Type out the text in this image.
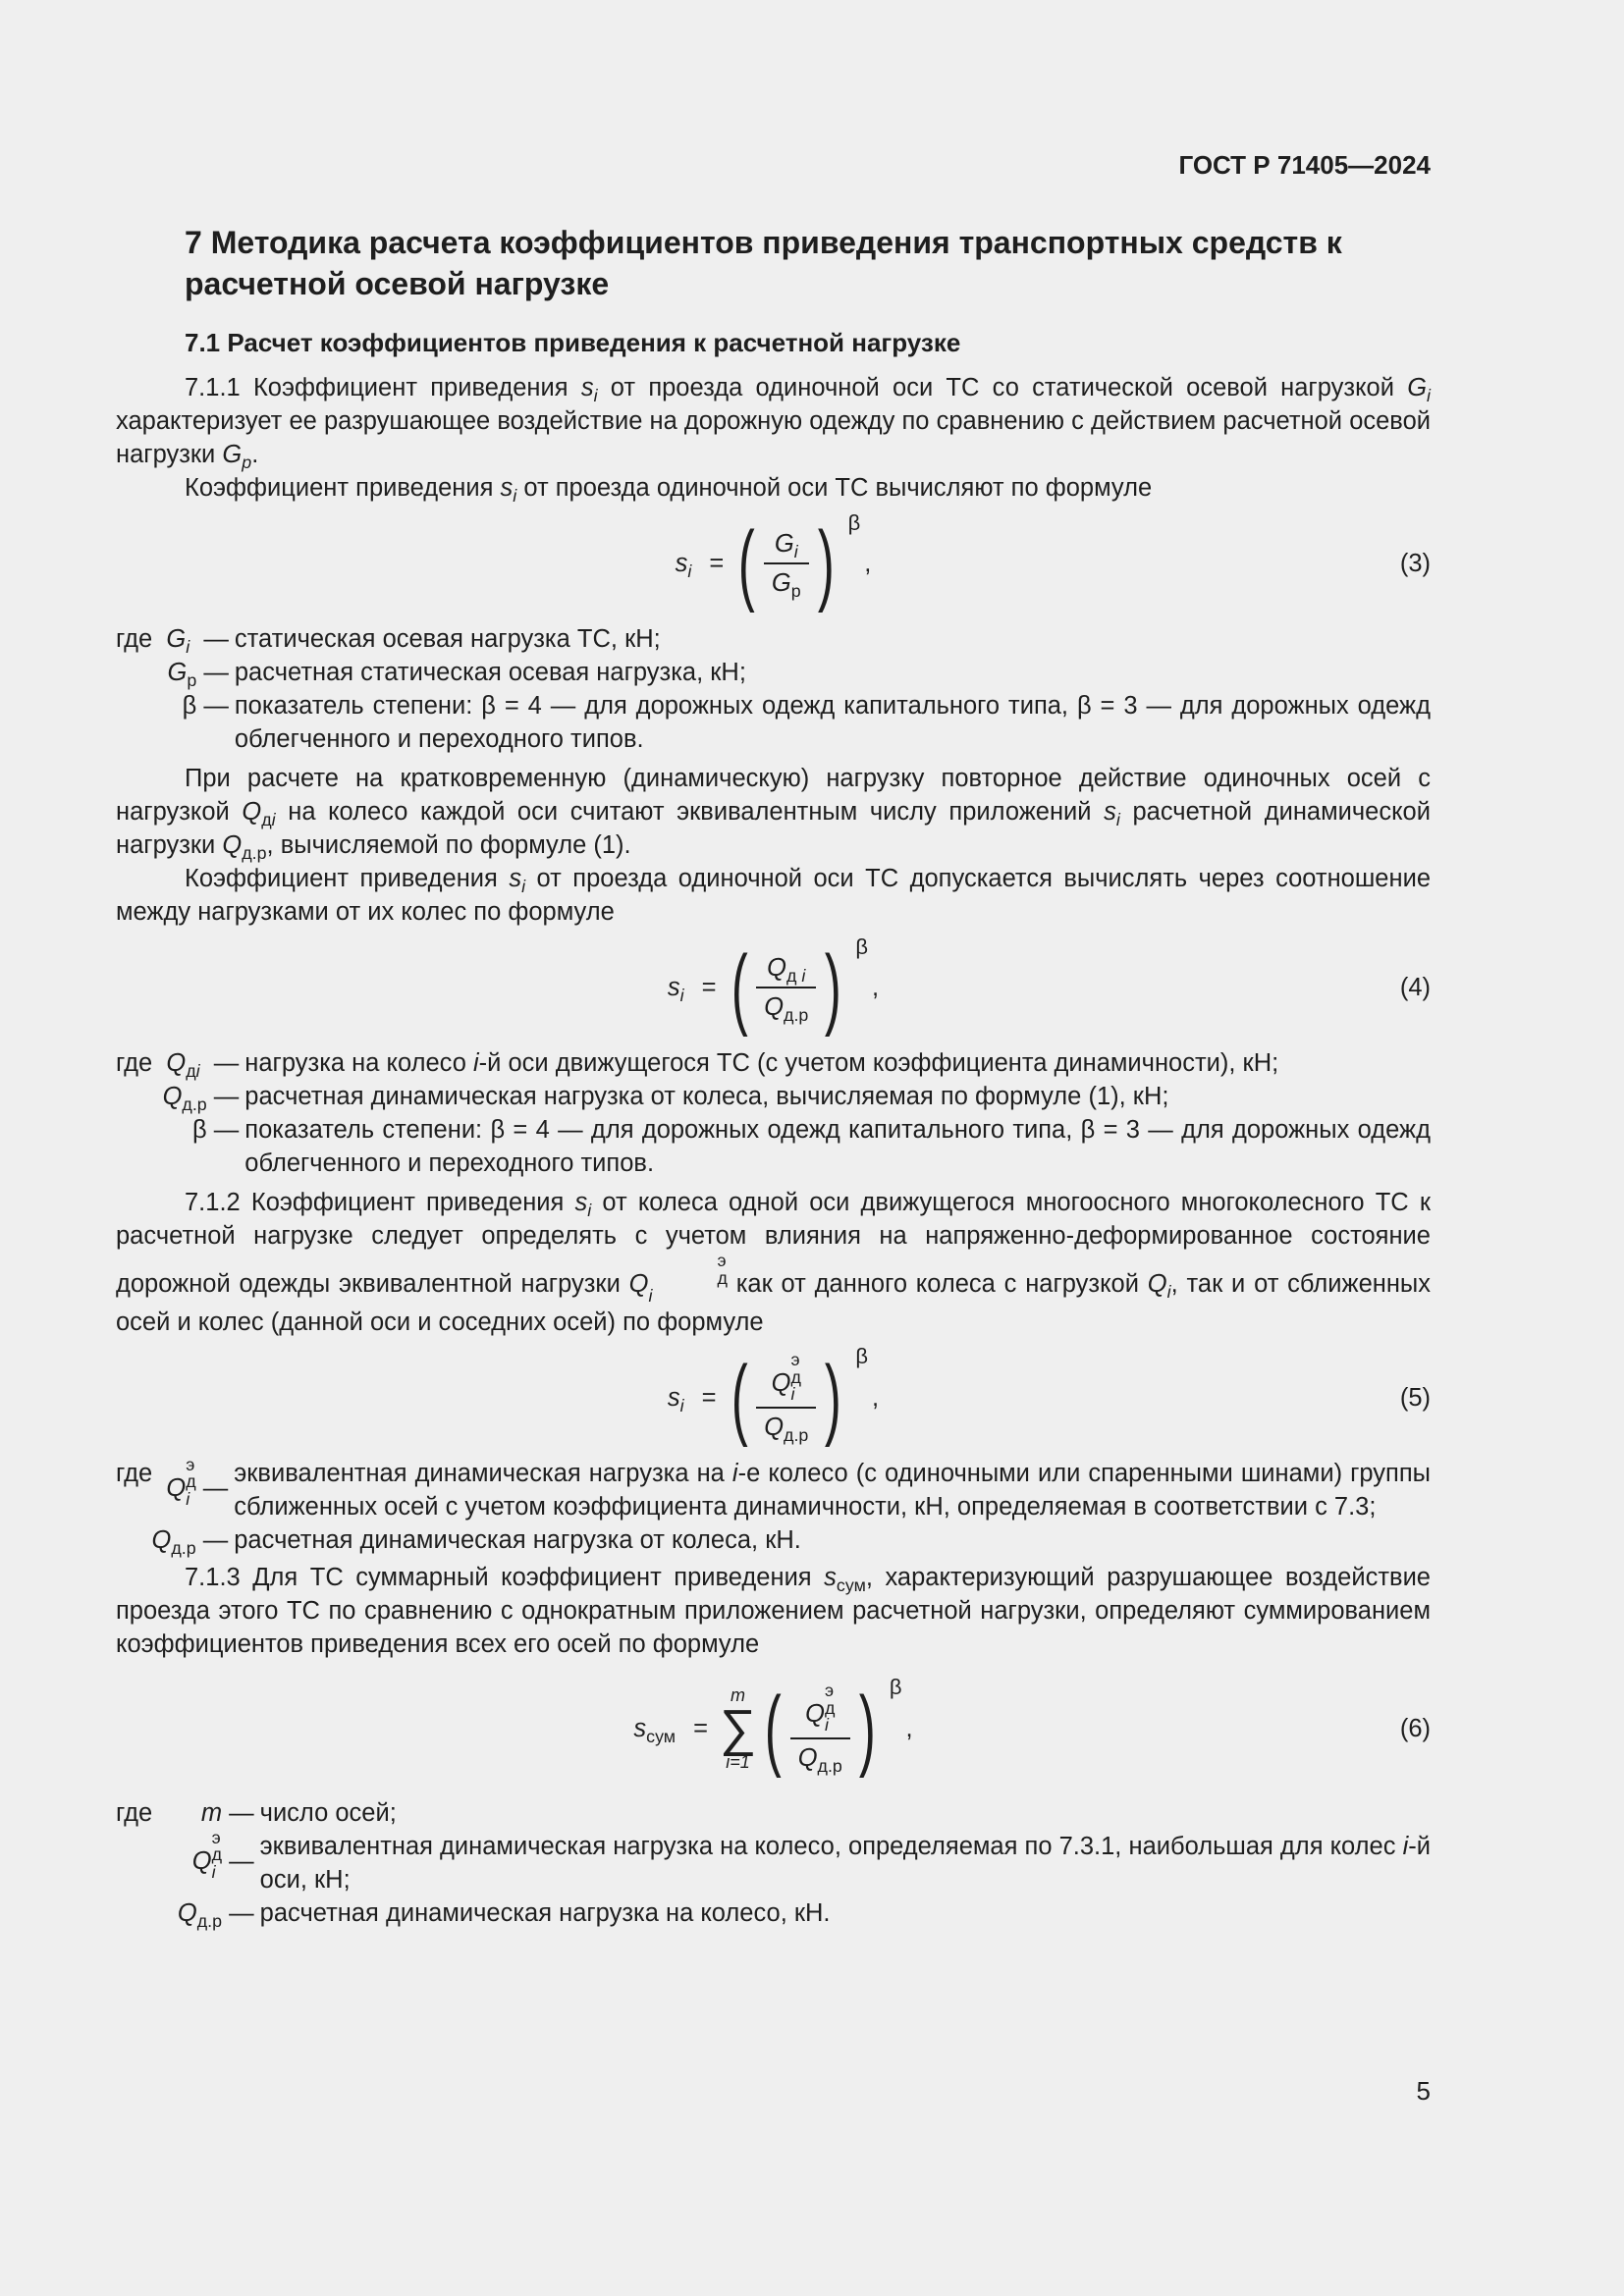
ГОСТ Р 71405—2024
7 Методика расчета коэффициентов приведения транспортных средств к расчетной осевой нагрузке
7.1 Расчет коэффициентов приведения к расчетной нагрузке

7.1.1 Коэффициент приведения $s_i$ от проезда одиночной оси ТС со статической осевой нагрузкой $G_i$ характеризует ее разрушающее воздействие на дорожную одежду по сравнению с действием расчетной осевой нагрузки $G_р$.

Коэффициент приведения $s_i$ от проезда одиночной оси ТС вычисляют по формуле

$s_i$ = ( $\frac{G_i}{G_р}$ ) β
,	(3)
где $G_i$ — статическая осевая нагрузка ТС, кН;
$G_р$ — расчетная статическая осевая нагрузка, кН;
β — показатель степени: β = 4 — для дорожных одежд капитального типа, β = 3 — для дорожных одежд облегченного и переходного типов.

При расчете на кратковременную (динамическую) нагрузку повторное действие одиночных осей с нагрузкой $Q_{дi}$ на колесо каждой оси считают эквивалентным числу приложений $s_i$ расчетной динамической нагрузки $Q_{д.р}$, вычисляемой по формуле (1).

Коэффициент приведения $s_i$ от проезда одиночной оси ТС допускается вычислять через соотношение между нагрузками от их колес по формуле

$s_i$ = ( $\frac{Q_{д i}}{Q_{д.р}}$ ) β
,	(4)
где $Q_{дi}$ — нагрузка на колесо i-й оси движущегося ТС (с учетом коэффициента динамичности), кН;
$Q_{д.р}$ — расчетная динамическая нагрузка от колеса, вычисляемая по формуле (1), кН;
β — показатель степени: β = 4 — для дорожных одежд капитального типа, β = 3 — для дорожных одежд облегченного и переходного типов.

7.1.2 Коэффициент приведения $s_i$ от колеса одной оси движущегося многоосного многоколесного ТС к расчетной нагрузке следует определять с учетом влияния на напряженно-деформированное состояние дорожной одежды эквивалентной нагрузки Q
э
д
i	как от данного колеса с нагрузкой $Q_i$, так и от сближенных осей и колес (данной оси и соседних осей) по формуле

$s_i$ = ( Q
э
д
i
$Q_{д.р}$ ) β
,	(5)
где
Q
э
д
i —
эквивалентная динамическая нагрузка на i-е колесо (с одиночными или спаренными шинами) группы сближенных осей с учетом коэффициента динамичности, кН, определяемая в соответствии с 7.3;
$Q_{д.р}$ — расчетная динамическая нагрузка от колеса, кН.

7.1.3 Для ТС суммарный коэффициент приведения $s_{сум}$, характеризующий разрушающее воздействие проезда этого ТС по сравнению с однократным приложением расчетной нагрузки, определяют суммированием коэффициентов приведения всех его осей по формуле

$s_{сум}$ =
m
∑
i=1 ( Q
э
д
i
$Q_{д.р}$ ) β
,	(6)
где m — число осей;
Q
э
д
i —
эквивалентная динамическая нагрузка на колесо, определяемая по 7.3.1, наибольшая для колес i-й оси, кН;
$Q_{д.р}$ — расчетная динамическая нагрузка на колесо, кН.
5
